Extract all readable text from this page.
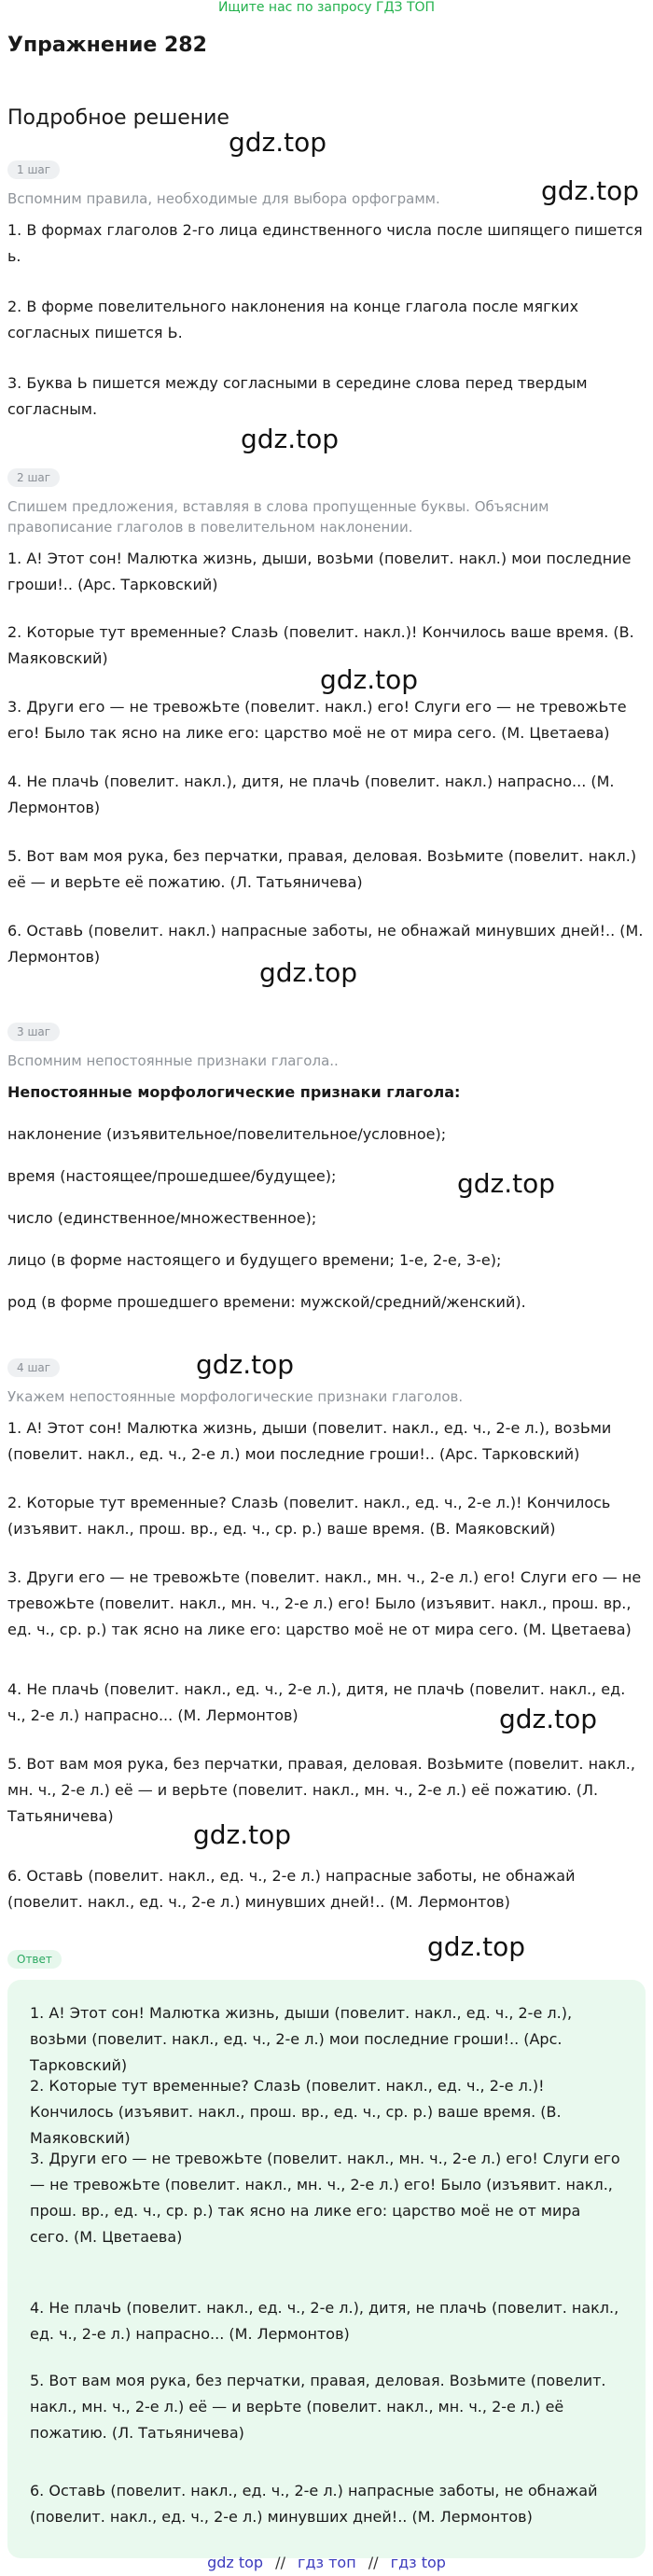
Ищите нас по запросу ГДЗ ТОП
Упражнение 282
Подробное решение
gdz.top
gdz.top
gdz.top
gdz.top
gdz.top
gdz.top
gdz.top
gdz.top
gdz.top
gdz.top
1 шаг
Вспомним правила, необходимые для выбора орфограмм.
1. В формах глаголов 2-го лица единственного числа после шипящего пишется ь.
2. В форме повелительного наклонения на конце глагола после мягких согласных пишется Ь.
3. Буква Ь пишется между согласными в середине слова перед твердым согласным.
2 шаг
Спишем предложения, вставляя в слова пропущенные буквы. Объясним правописание глаголов в повелительном наклонении.
1. А! Этот сон! Малютка жизнь, дыши, возЬми (повелит. накл.) мои последние гроши!.. (Арс. Тарковский)
2. Которые тут временные? СлазЬ (повелит. накл.)! Кончилось ваше время. (В. Маяковский)
3. Други его — не тревожЬте (повелит. накл.) его! Слуги его — не тревожЬте его! Было так ясно на лике его: царство моё не от мира сего. (М. Цветаева)
4. Не плачЬ (повелит. накл.), дитя, не плачЬ (повелит. накл.) напрасно... (М. Лермонтов)
5. Вот вам моя рука, без перчатки, правая, деловая. ВозЬмите (повелит. накл.) её — и верЬте её пожатию. (Л. Татьяничева)
6. ОставЬ (повелит. накл.) напрасные заботы, не обнажай минувших дней!.. (М. Лермонтов)
3 шаг
Вспомним непостоянные признаки глагола..
Непостоянные морфологические признаки глагола:
наклонение (изъявительное/повелительное/условное);
время (настоящее/прошедшее/будущее);
число (единственное/множественное);
лицо (в форме настоящего и будущего времени; 1-е, 2-е, 3-е);
род (в форме прошедшего времени: мужской/средний/женский).
4 шаг
Укажем непостоянные морфологические признаки глаголов.
1. А! Этот сон! Малютка жизнь, дыши (повелит. накл., ед. ч., 2-е л.), возЬми (повелит. накл., ед. ч., 2-е л.) мои последние гроши!.. (Арс. Тарковский)
2. Которые тут временные? СлазЬ (повелит. накл., ед. ч., 2-е л.)! Кончилось (изъявит. накл., прош. вр., ед. ч., ср. р.) ваше время. (В. Маяковский)
3. Други его — не тревожЬте (повелит. накл., мн. ч., 2-е л.) его! Слуги его — не тревожЬте (повелит. накл., мн. ч., 2-е л.) его! Было (изъявит. накл., прош. вр., ед. ч., ср. р.) так ясно на лике его: царство моё не от мира сего. (М. Цветаева)
4. Не плачЬ (повелит. накл., ед. ч., 2-е л.), дитя, не плачЬ (повелит. накл., ед. ч., 2-е л.) напрасно... (М. Лермонтов)
5. Вот вам моя рука, без перчатки, правая, деловая. ВозЬмите (повелит. накл., мн. ч., 2-е л.) её — и верЬте (повелит. накл., мн. ч., 2-е л.) её пожатию. (Л. Татьяничева)
6. ОставЬ (повелит. накл., ед. ч., 2-е л.) напрасные заботы, не обнажай (повелит. накл., ед. ч., 2-е л.) минувших дней!.. (М. Лермонтов)
Ответ
1. А! Этот сон! Малютка жизнь, дыши (повелит. накл., ед. ч., 2-е л.), возЬми (повелит. накл., ед. ч., 2-е л.) мои последние гроши!.. (Арс. Тарковский)
2. Которые тут временные? СлазЬ (повелит. накл., ед. ч., 2-е л.)! Кончилось (изъявит. накл., прош. вр., ед. ч., ср. р.) ваше время. (В. Маяковский)
3. Други его — не тревожЬте (повелит. накл., мн. ч., 2-е л.) его! Слуги его — не тревожЬте (повелит. накл., мн. ч., 2-е л.) его! Было (изъявит. накл., прош. вр., ед. ч., ср. р.) так ясно на лике его: царство моё не от мира сего. (М. Цветаева)
4. Не плачЬ (повелит. накл., ед. ч., 2-е л.), дитя, не плачЬ (повелит. накл., ед. ч., 2-е л.) напрасно... (М. Лермонтов)
5. Вот вам моя рука, без перчатки, правая, деловая. ВозЬмите (повелит. накл., мн. ч., 2-е л.) её — и верЬте (повелит. накл., мн. ч., 2-е л.) её пожатию. (Л. Татьяничева)
6. ОставЬ (повелит. накл., ед. ч., 2-е л.) напрасные заботы, не обнажай (повелит. накл., ед. ч., 2-е л.) минувших дней!.. (М. Лермонтов)
gdz top // гдз топ // гдз top
